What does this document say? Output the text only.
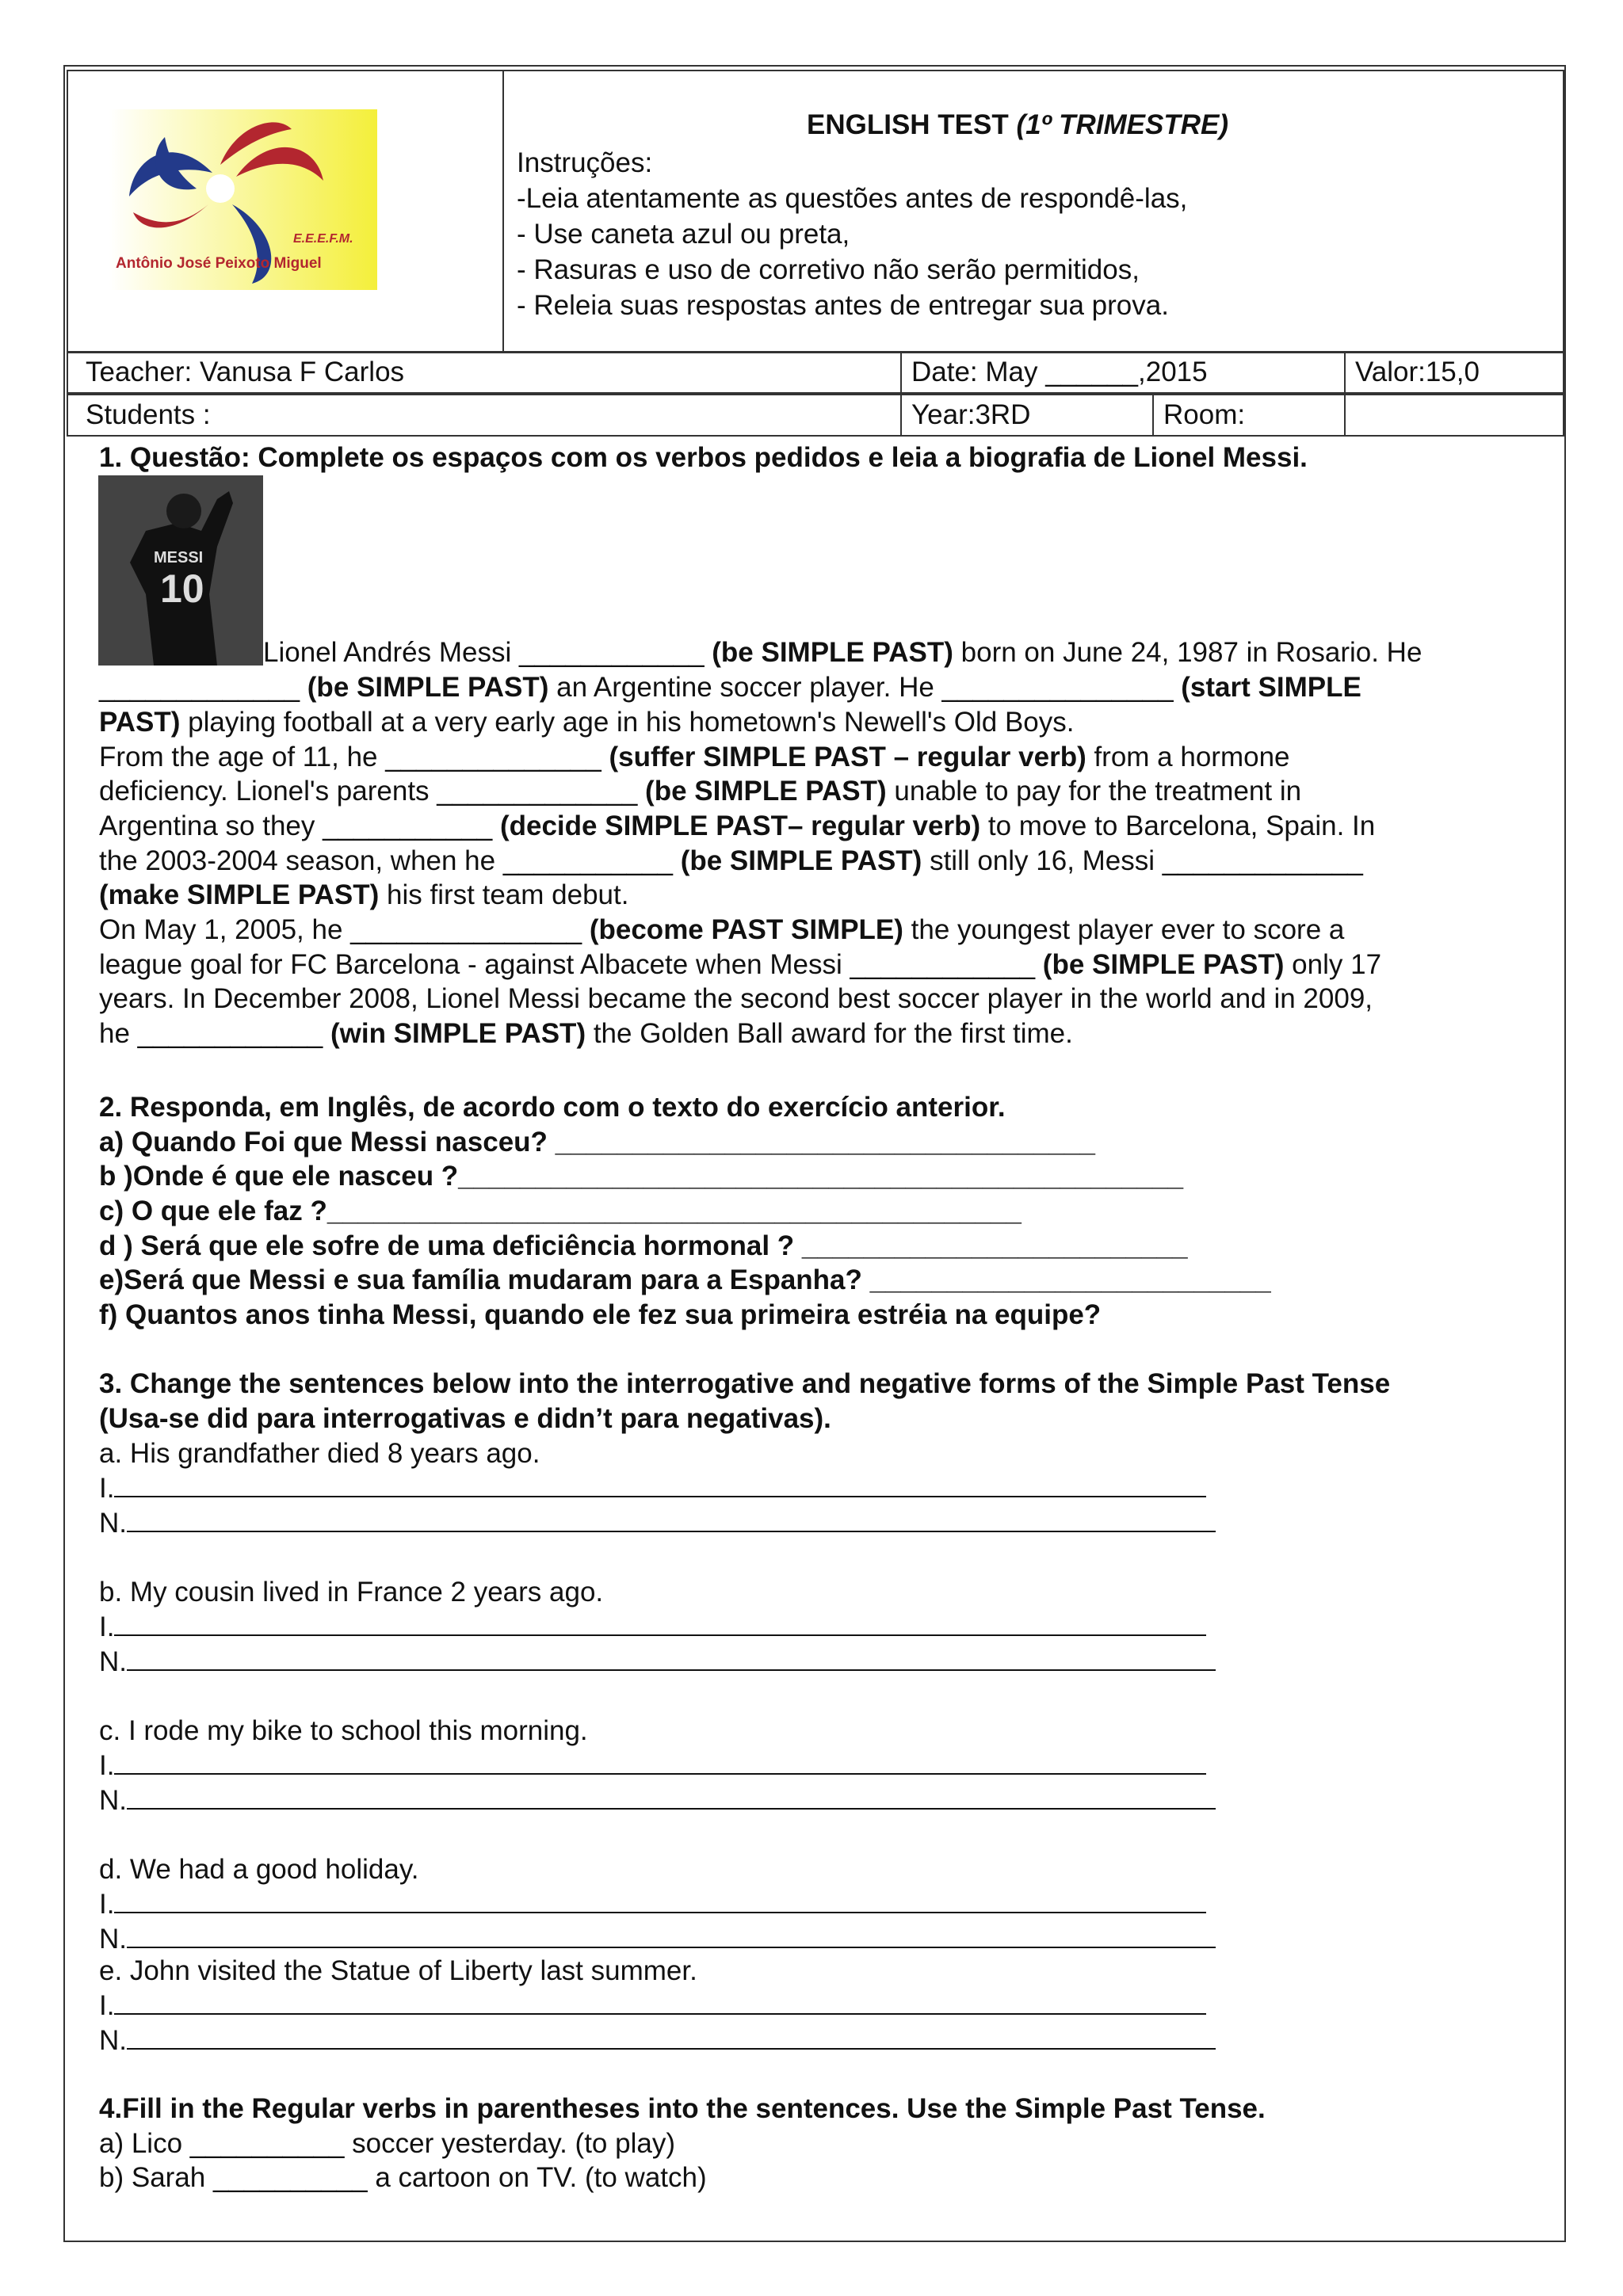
E.E.E.F.M.
Antônio José Peixoto Miguel
ENGLISH TEST (1º TRIMESTRE)
Instruções:
-Leia atentamente as questões antes de respondê-las,
- Use caneta azul ou preta,
- Rasuras e uso de corretivo não serão permitidos,
- Releia suas respostas antes de entregar sua prova.
Teacher: Vanusa F Carlos	Date: May ______,2015	Valor:15,0
Students :	Year:3RD	Room:
1. Questão: Complete os espaços com os verbos pedidos e leia a biografia de Lionel Messi.
MESSI
10
Lionel Andrés Messi ____________ (be SIMPLE PAST) born on June 24, 1987 in Rosario. He
_____________ (be SIMPLE PAST) an Argentine soccer player. He _______________ (start SIMPLE
PAST) playing football at a very early age in his hometown's Newell's Old Boys.
From the age of 11, he ______________ (suffer SIMPLE PAST – regular verb) from a hormone
deficiency. Lionel's parents _____________ (be SIMPLE PAST) unable to pay for the treatment in
Argentina so they ___________ (decide SIMPLE PAST– regular verb) to move to Barcelona, Spain. In
the 2003-2004 season, when he ___________ (be SIMPLE PAST) still only 16, Messi _____________
(make SIMPLE PAST) his first team debut.
On May 1, 2005, he _______________ (become PAST SIMPLE) the youngest player ever to score a
league goal for FC Barcelona - against Albacete when Messi ____________ (be SIMPLE PAST) only 17
years. In December 2008, Lionel Messi became the second best soccer player in the world and in 2009,
he ____________ (win SIMPLE PAST) the Golden Ball award for the first time.
2. Responda, em Inglês, de acordo com o texto do exercício anterior.
a) Quando Foi que Messi nasceu? ___________________________________
b )Onde é que ele nasceu ?_______________________________________________
c) O que ele faz ?_____________________________________________
d ) Será que ele sofre de uma deficiência hormonal ? _________________________
e)Será que Messi e sua família mudaram para a Espanha? __________________________
f) Quantos anos tinha Messi, quando ele fez sua primeira estréia na equipe?
3. Change the sentences below into the interrogative and negative forms of the Simple Past Tense
(Usa-se did para interrogativas e didn’t para negativas).
a. His grandfather died 8 years ago.
I.
N.
b. My cousin lived in France 2 years ago.
I.
N.
c. I rode my bike to school this morning.
I.
N.
d. We had a good holiday.
I.
N.
e. John visited the Statue of Liberty last summer.
I.
N.
4.Fill in the Regular verbs in parentheses into the sentences. Use the Simple Past Tense.
a) Lico __________ soccer yesterday. (to play)
b) Sarah __________ a cartoon on TV. (to watch)
